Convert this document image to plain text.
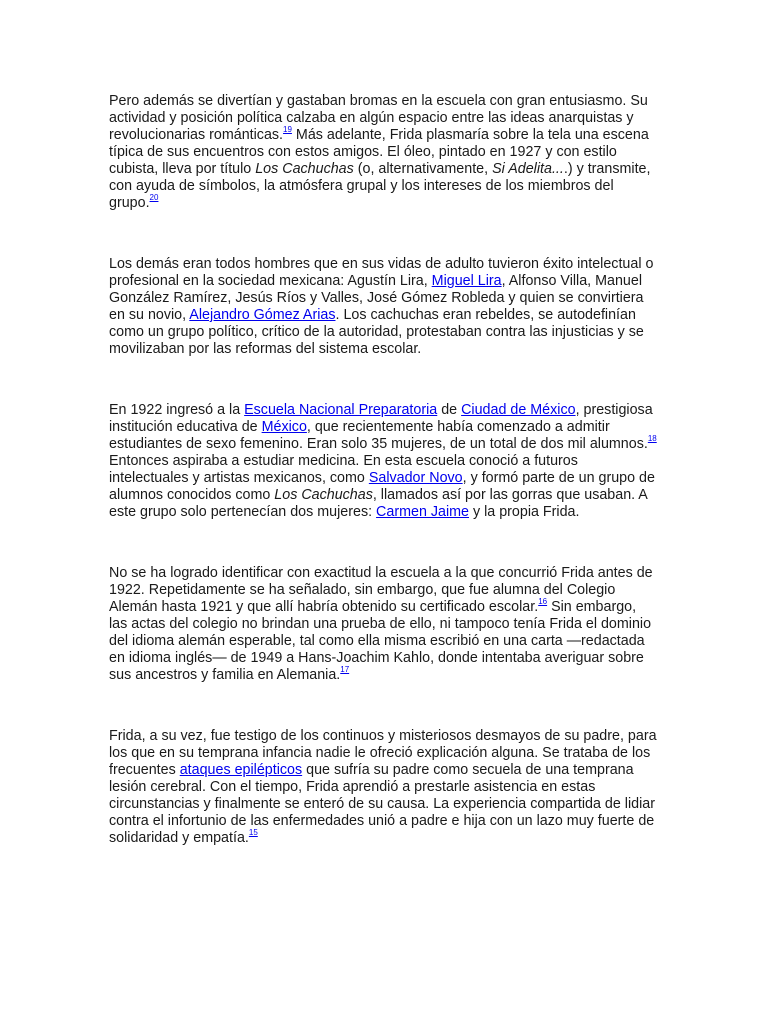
Pero además se divertían y gastaban bromas en la escuela con gran entusiasmo. Su actividad y posición política calzaba en algún espacio entre las ideas anarquistas y revolucionarias románticas.$^{19}$ Más adelante, Frida plasmaría sobre la tela una escena típica de sus encuentros con estos amigos. El óleo, pintado en 1927 y con estilo cubista, lleva por título Los Cachuchas (o, alternativamente, Si Adelita....) y transmite, con ayuda de símbolos, la atmósfera grupal y los intereses de los miembros del grupo.$^{20}$

Los demás eran todos hombres que en sus vidas de adulto tuvieron éxito intelectual o profesional en la sociedad mexicana: Agustín Lira, Miguel Lira, Alfonso Villa, Manuel González Ramírez, Jesús Ríos y Valles, José Gómez Robleda y quien se convirtiera en su novio, Alejandro Gómez Arias. Los cachuchas eran rebeldes, se autodefinían como un grupo político, crítico de la autoridad, protestaban contra las injusticias y se movilizaban por las reformas del sistema escolar.

En 1922 ingresó a la Escuela Nacional Preparatoria de Ciudad de México, prestigiosa institución educativa de México, que recientemente había comenzado a admitir estudiantes de sexo femenino. Eran solo 35 mujeres, de un total de dos mil alumnos.$^{18}$ Entonces aspiraba a estudiar medicina. En esta escuela conoció a futuros intelectuales y artistas mexicanos, como Salvador Novo, y formó parte de un grupo de alumnos conocidos como Los Cachuchas, llamados así por las gorras que usaban. A este grupo solo pertenecían dos mujeres: Carmen Jaime y la propia Frida.

No se ha logrado identificar con exactitud la escuela a la que concurrió Frida antes de 1922. Repetidamente se ha señalado, sin embargo, que fue alumna del Colegio Alemán hasta 1921 y que allí habría obtenido su certificado escolar.$^{16}$ Sin embargo, las actas del colegio no brindan una prueba de ello, ni tampoco tenía Frida el dominio del idioma alemán esperable, tal como ella misma escribió en una carta —redactada en idioma inglés— de 1949 a Hans-Joachim Kahlo, donde intentaba averiguar sobre sus ancestros y familia en Alemania.$^{17}$

Frida, a su vez, fue testigo de los continuos y misteriosos desmayos de su padre, para los que en su temprana infancia nadie le ofreció explicación alguna. Se trataba de los frecuentes ataques epilépticos que sufría su padre como secuela de una temprana lesión cerebral. Con el tiempo, Frida aprendió a prestarle asistencia en estas circunstancias y finalmente se enteró de su causa. La experiencia compartida de lidiar contra el infortunio de las enfermedades unió a padre e hija con un lazo muy fuerte de solidaridad y empatía.$^{15}$
